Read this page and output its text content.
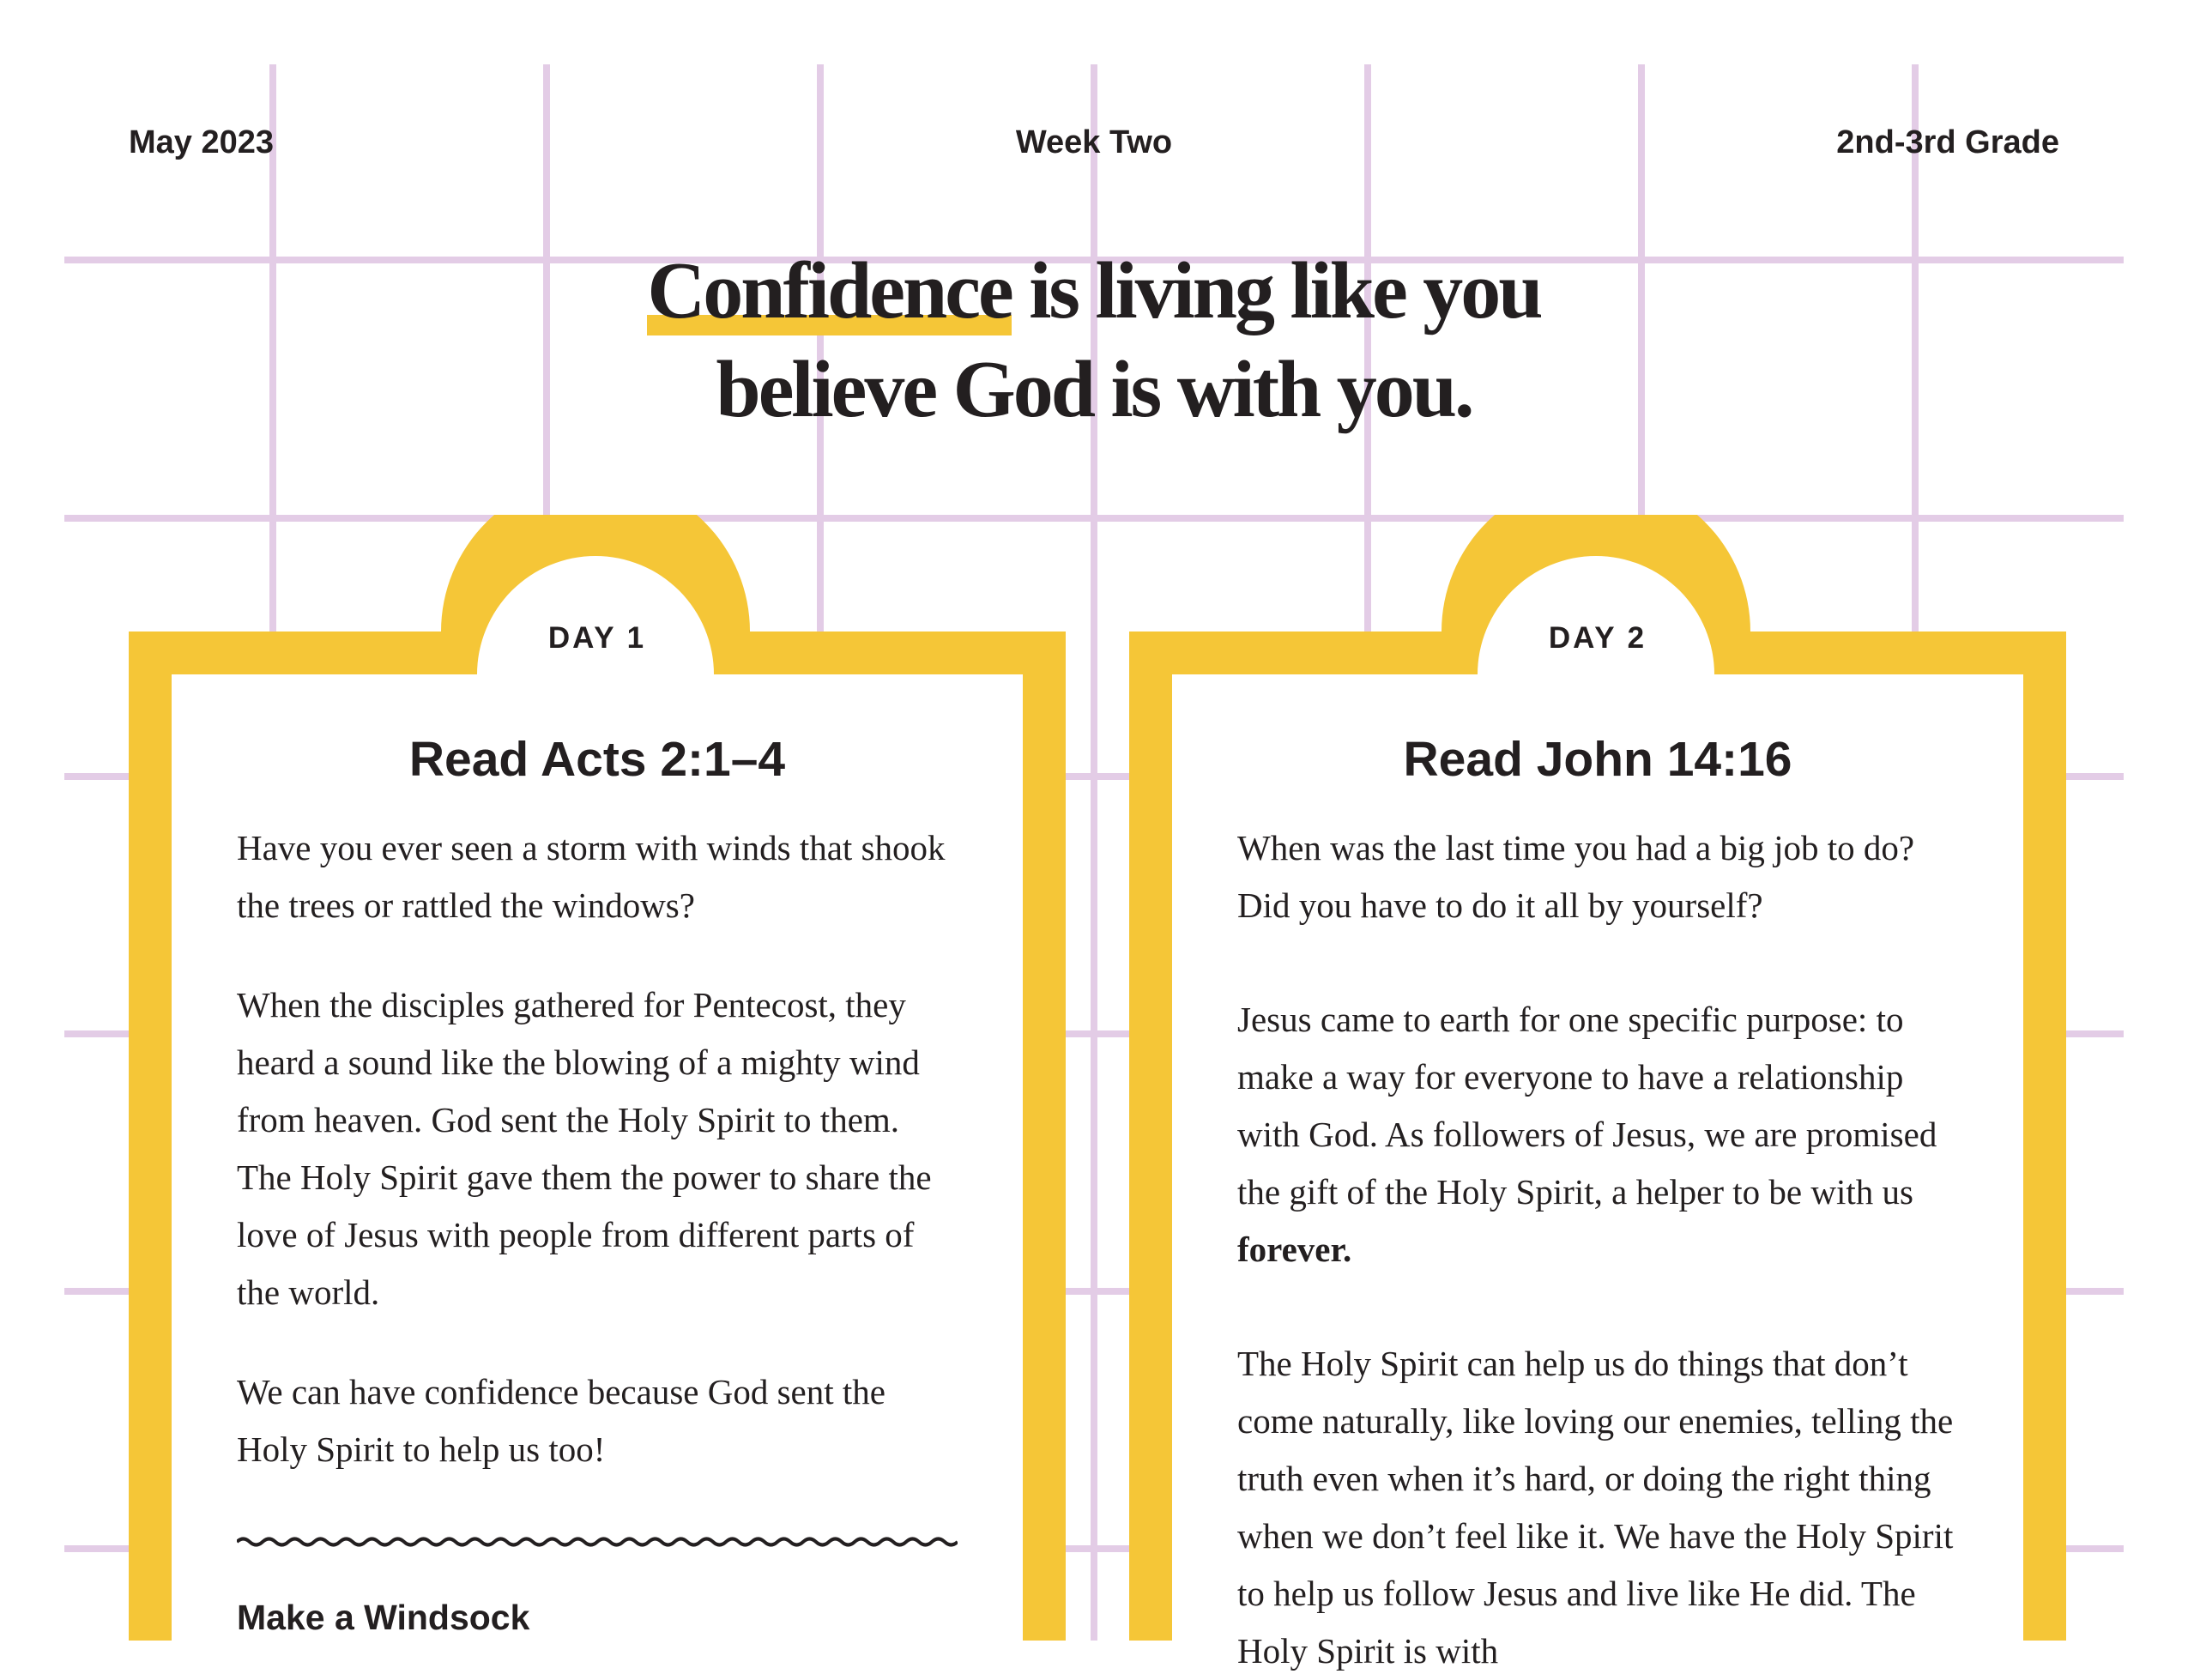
May 2023	Week Two	2nd-3rd Grade
Confidence is living like you
believe God is with you.
DAY 1
Read Acts 2:1–4

Have you ever seen a storm with winds that shook the trees or rattled the windows?

When the disciples gathered for Pentecost, they heard a sound like the blowing of a mighty wind from heaven. God sent the Holy Spirit to them. The Holy Spirit gave them the power to share the love of Jesus with people from different parts of the world.

We can have confidence because God sent the Holy Spirit to help us too!

Make a Windsock
DAY 2
Read John 14:16

When was the last time you had a big job to do? Did you have to do it all by yourself?

Jesus came to earth for one specific purpose: to make a way for everyone to have a relationship with God. As followers of Jesus, we are promised the gift of the Holy Spirit, a helper to be with us forever.

The Holy Spirit can help us do things that don’t come naturally, like loving our enemies, telling the truth even when it’s hard, or doing the right thing when we don’t feel like it. We have the Holy Spirit to help us follow Jesus and live like He did. The Holy Spirit is with
